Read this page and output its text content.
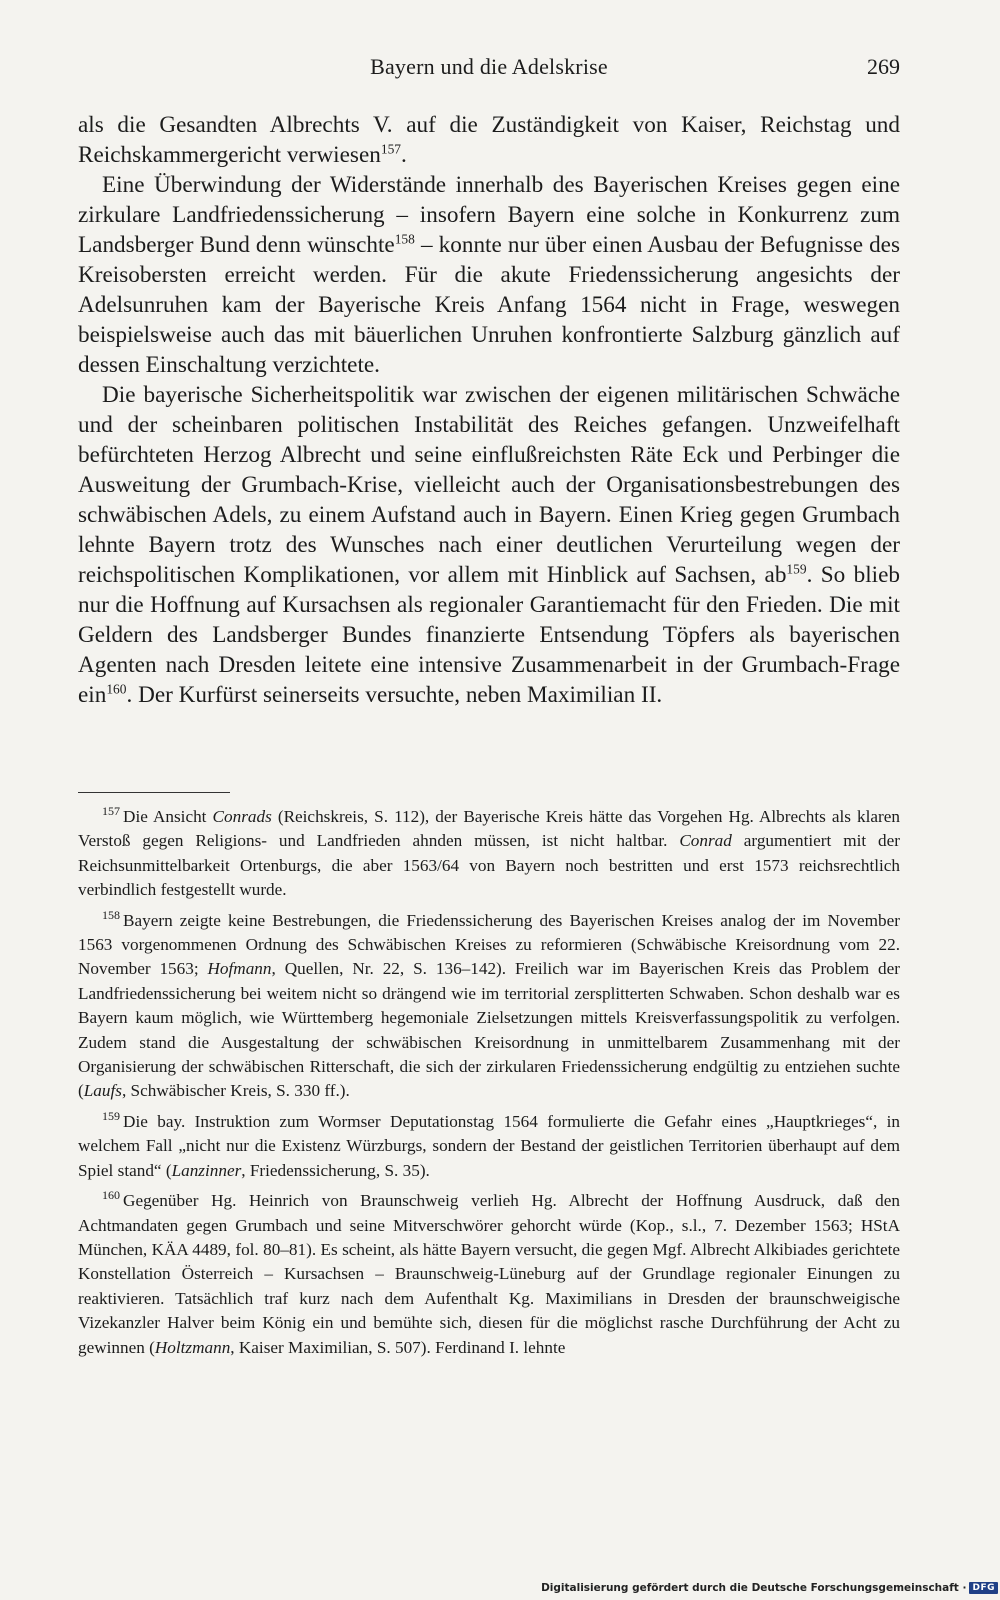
Bayern und die Adelskrise	269

als die Gesandten Albrechts V. auf die Zuständigkeit von Kaiser, Reichstag und Reichskammergericht verwiesen$^{157}$.

Eine Überwindung der Widerstände innerhalb des Bayerischen Kreises gegen eine zirkulare Landfriedenssicherung – insofern Bayern eine solche in Konkurrenz zum Landsberger Bund denn wünschte$^{158}$ – konnte nur über einen Ausbau der Befugnisse des Kreisobersten erreicht werden. Für die akute Friedenssicherung angesichts der Adelsunruhen kam der Bayerische Kreis Anfang 1564 nicht in Frage, weswegen beispielsweise auch das mit bäuerlichen Unruhen konfrontierte Salzburg gänzlich auf dessen Einschaltung verzichtete.

Die bayerische Sicherheitspolitik war zwischen der eigenen militärischen Schwäche und der scheinbaren politischen Instabilität des Reiches gefangen. Unzweifelhaft befürchteten Herzog Albrecht und seine einflußreichsten Räte Eck und Perbinger die Ausweitung der Grumbach-Krise, vielleicht auch der Organisationsbestrebungen des schwäbischen Adels, zu einem Aufstand auch in Bayern. Einen Krieg gegen Grumbach lehnte Bayern trotz des Wunsches nach einer deutlichen Verurteilung wegen der reichspolitischen Komplikationen, vor allem mit Hinblick auf Sachsen, $ab^{159}$. So blieb nur die Hoffnung auf Kursachsen als regionaler Garantiemacht für den Frieden. Die mit Geldern des Landsberger Bundes finanzierte Entsendung Töpfers als bayerischen Agenten nach Dresden leitete eine intensive Zusammenarbeit in der Grumbach-Frage ein$^{160}$. Der Kurfürst seinerseits versuchte, neben Maximilian II.

$^{157}$ Die Ansicht Conrads (Reichskreis, S. 112), der Bayerische Kreis hätte das Vorgehen Hg. Albrechts als klaren Verstoß gegen Religions- und Landfrieden ahnden müssen, ist nicht haltbar. Conrad argumentiert mit der Reichsunmittelbarkeit Ortenburgs, die aber 1563/64 von Bayern noch bestritten und erst 1573 reichsrechtlich verbindlich festgestellt wurde.

$^{158}$ Bayern zeigte keine Bestrebungen, die Friedenssicherung des Bayerischen Kreises analog der im November 1563 vorgenommenen Ordnung des Schwäbischen Kreises zu reformieren (Schwäbische Kreisordnung vom 22. November 1563; Hofmann, Quellen, Nr. 22, S. 136–142). Freilich war im Bayerischen Kreis das Problem der Landfriedenssicherung bei weitem nicht so drängend wie im territorial zersplitterten Schwaben. Schon deshalb war es Bayern kaum möglich, wie Württemberg hegemoniale Zielsetzungen mittels Kreisverfassungspolitik zu verfolgen. Zudem stand die Ausgestaltung der schwäbischen Kreisordnung in unmittelbarem Zusammenhang mit der Organisierung der schwäbischen Ritterschaft, die sich der zirkularen Friedenssicherung endgültig zu entziehen suchte (Laufs, Schwäbischer Kreis, S. 330 ff.).

$^{159}$ Die bay. Instruktion zum Wormser Deputationstag 1564 formulierte die Gefahr eines „Hauptkrieges“, in welchem Fall „nicht nur die Existenz Würzburgs, sondern der Bestand der geistlichen Territorien überhaupt auf dem Spiel stand“ (Lanzinner, Friedenssicherung, S. 35).

$^{160}$ Gegenüber Hg. Heinrich von Braunschweig verlieh Hg. Albrecht der Hoffnung Ausdruck, daß den Achtmandaten gegen Grumbach und seine Mitverschwörer gehorcht würde (Kop., s.l., 7. Dezember 1563; HStA München, KÄA 4489, fol. 80–81). Es scheint, als hätte Bayern versucht, die gegen Mgf. Albrecht Alkibiades gerichtete Konstellation Österreich – Kursachsen – Braunschweig-Lüneburg auf der Grundlage regionaler Einungen zu reaktivieren. Tatsächlich traf kurz nach dem Aufenthalt Kg. Maximilians in Dresden der braunschweigische Vizekanzler Halver beim König ein und bemühte sich, diesen für die möglichst rasche Durchführung der Acht zu gewinnen (Holtzmann, Kaiser Maximilian, S. 507). Ferdinand I. lehnte

Digitalisierung gefördert durch die Deutsche Forschungsgemeinschaft · DFG
